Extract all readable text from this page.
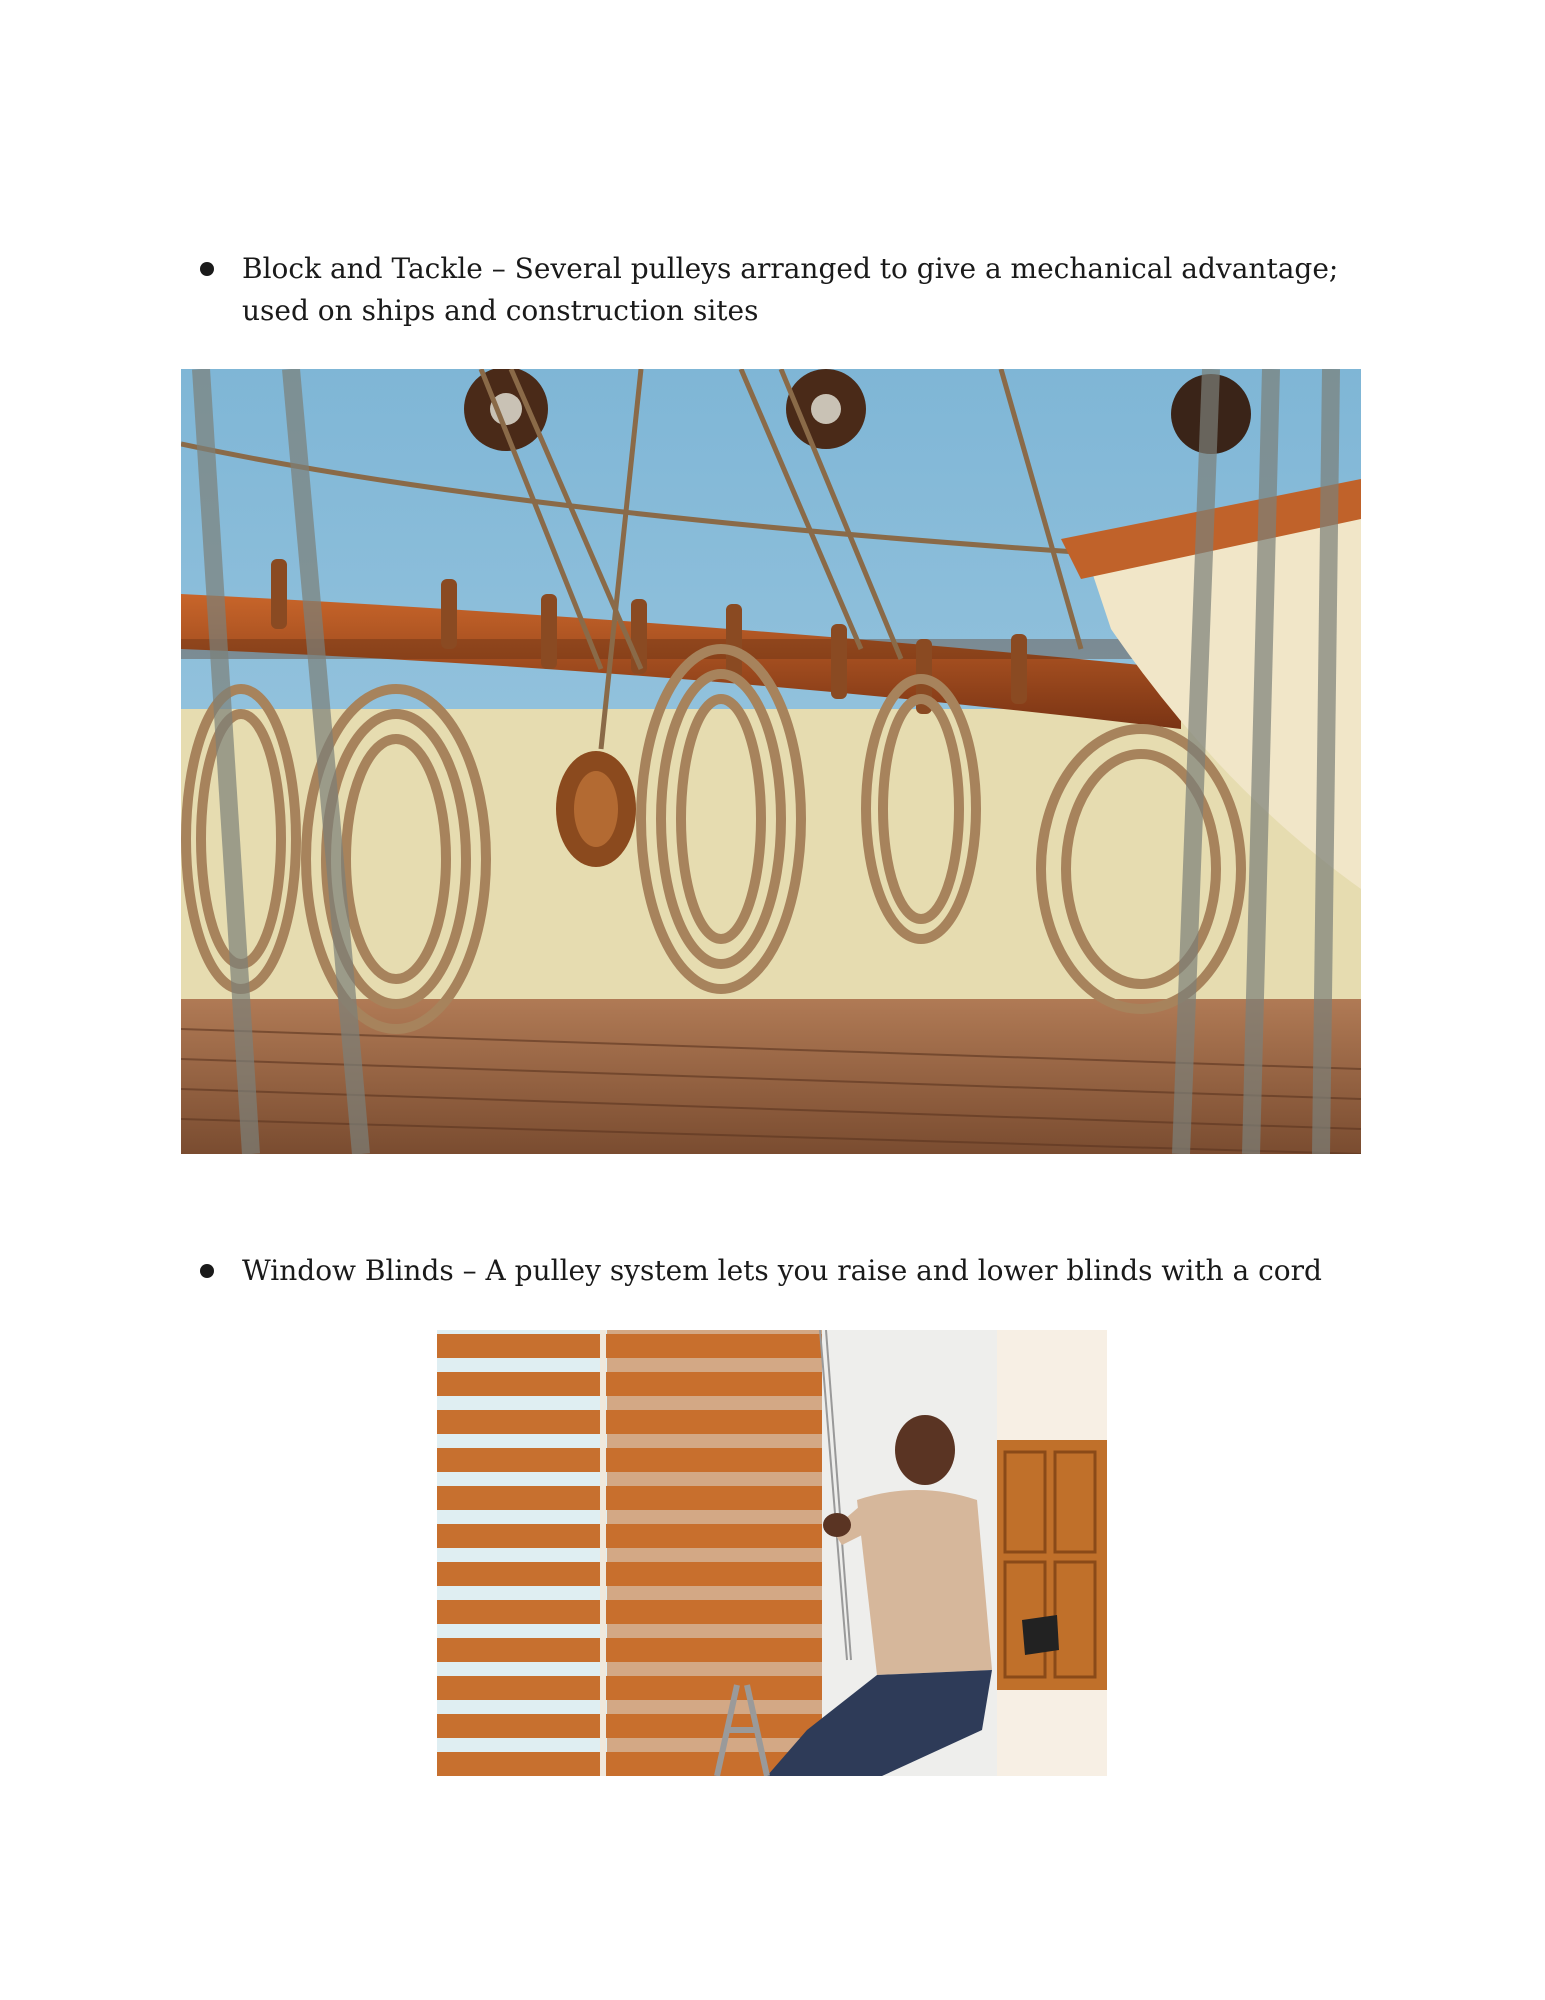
Block and Tackle – Several pulleys arranged to give a mechanical advantage; used on ships and construction sites
Window Blinds – A pulley system lets you raise and lower blinds with a cord
